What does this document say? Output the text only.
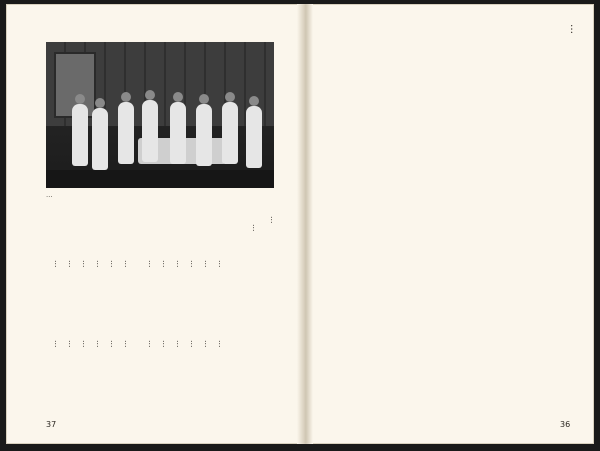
…
…
…
…
…
…
…
…
…
…
…
…
…
…
…
…
…
…
…
…
…
…
…
…
…
…
…
37
…
36
